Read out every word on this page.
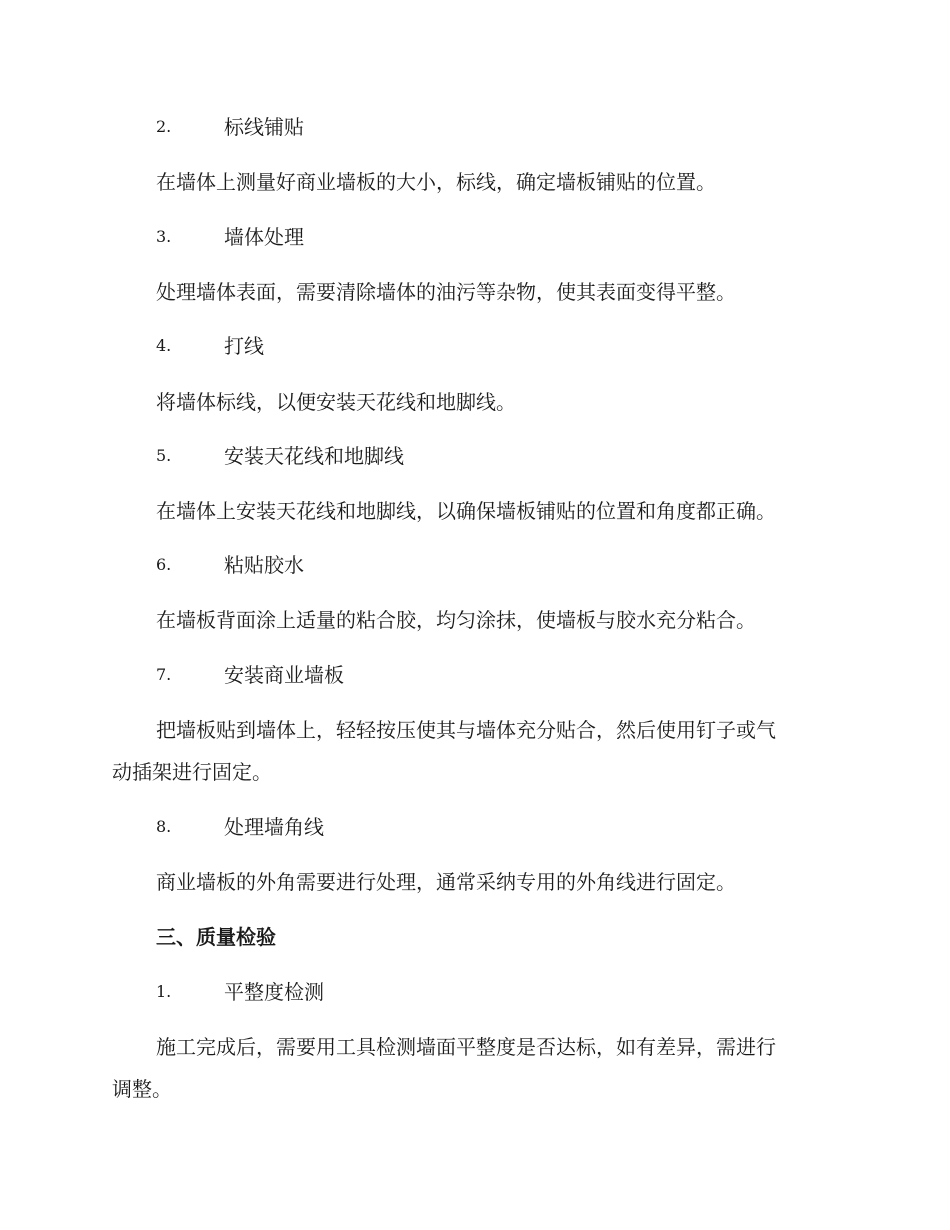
2.	标线铺贴
在墙体上测量好商业墙板的大小，标线，确定墙板铺贴的位置。
3.	墙体处理
处理墙体表面，需要清除墙体的油污等杂物，使其表面变得平整。
4.	打线
将墙体标线，以便安装天花线和地脚线。
5.	安装天花线和地脚线
在墙体上安装天花线和地脚线，以确保墙板铺贴的位置和角度都正确。
6.	粘贴胶水
在墙板背面涂上适量的粘合胶，均匀涂抹，使墙板与胶水充分粘合。
7.	安装商业墙板
把墙板贴到墙体上，轻轻按压使其与墙体充分贴合，然后使用钉子或气
动插架进行固定。
8.	处理墙角线
商业墙板的外角需要进行处理，通常采纳专用的外角线进行固定。
三、质量检验
1.	平整度检测
施工完成后，需要用工具检测墙面平整度是否达标，如有差异，需进行
调整。
